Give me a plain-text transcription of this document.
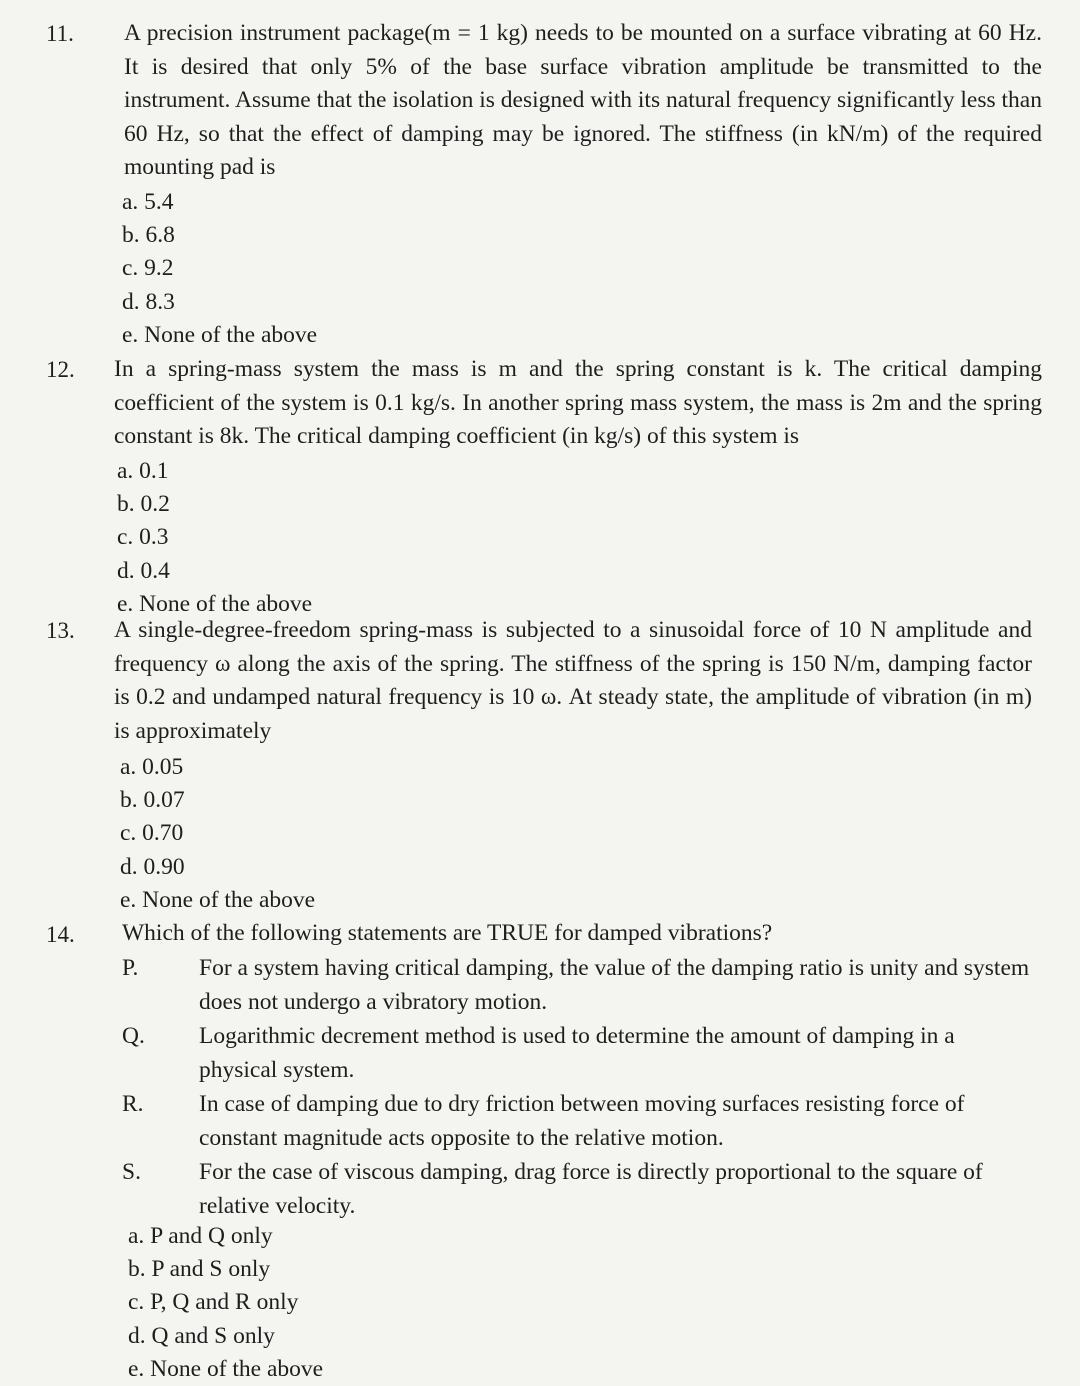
11. A precision instrument package(m = 1 kg) needs to be mounted on a surface vibrating at 60 Hz. It is desired that only 5% of the base surface vibration amplitude be transmitted to the instrument. Assume that the isolation is designed with its natural frequency significantly less than 60 Hz, so that the effect of damping may be ignored. The stiffness (in kN/m) of the required mounting pad is
a. 5.4
b. 6.8
c. 9.2
d. 8.3
e. None of the above
12. In a spring-mass system the mass is m and the spring constant is k. The critical damping coefficient of the system is 0.1 kg/s. In another spring mass system, the mass is 2m and the spring constant is 8k. The critical damping coefficient (in kg/s) of this system is
a. 0.1
b. 0.2
c. 0.3
d. 0.4
e. None of the above
13. A single-degree-freedom spring-mass is subjected to a sinusoidal force of 10 N amplitude and frequency ω along the axis of the spring. The stiffness of the spring is 150 N/m, damping factor is 0.2 and undamped natural frequency is 10 ω. At steady state, the amplitude of vibration (in m) is approximately
a. 0.05
b. 0.07
c. 0.70
d. 0.90
e. None of the above
14. Which of the following statements are TRUE for damped vibrations?
P.	For a system having critical damping, the value of the damping ratio is unity and system does not undergo a vibratory motion.
Q. Logarithmic decrement method is used to determine the amount of damping in a physical system.
R. In case of damping due to dry friction between moving surfaces resisting force of constant magnitude acts opposite to the relative motion.
S. For the case of viscous damping, drag force is directly proportional to the square of relative velocity.
a. P and Q only
b. P and S only
c. P, Q and R only
d. Q and S only
e. None of the above
